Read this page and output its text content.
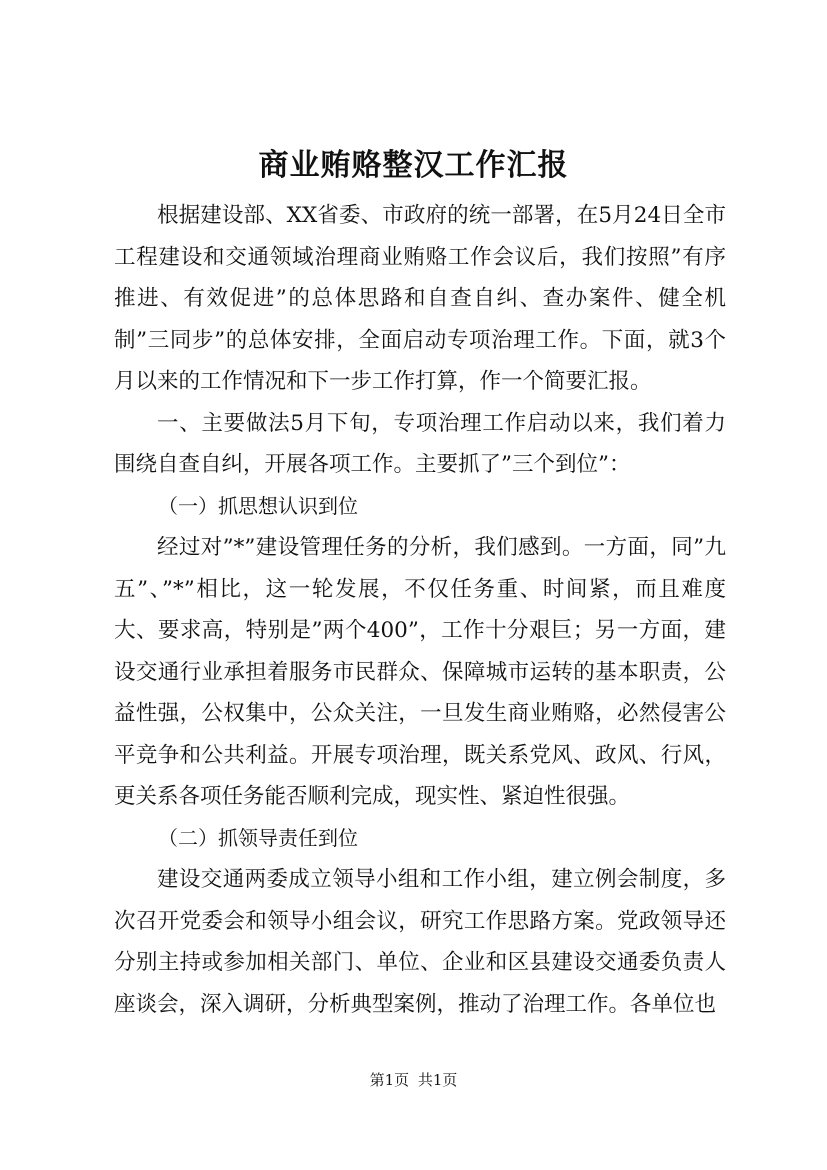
商业贿赂整汉工作汇报

根据建设部、XX省委、市政府的统一部署，在5月24日全市工程建设和交通领域治理商业贿赂工作会议后，我们按照”有序推进、有效促进”的总体思路和自查自纠、查办案件、健全机制”三同步”的总体安排，全面启动专项治理工作。下面，就3个月以来的工作情况和下一步工作打算，作一个简要汇报。

一、主要做法5月下旬，专项治理工作启动以来，我们着力围绕自查自纠，开展各项工作。主要抓了”三个到位”：

（一）抓思想认识到位

经过对”*”建设管理任务的分析，我们感到。一方面，同”九五”、”*”相比，这一轮发展，不仅任务重、时间紧，而且难度大、要求高，特别是”两个400”，工作十分艰巨；另一方面，建设交通行业承担着服务市民群众、保障城市运转的基本职责，公益性强，公权集中，公众关注，一旦发生商业贿赂，必然侵害公平竞争和公共利益。开展专项治理，既关系党风、政风、行风，更关系各项任务能否顺利完成，现实性、紧迫性很强。

（二）抓领导责任到位

建设交通两委成立领导小组和工作小组，建立例会制度，多次召开党委会和领导小组会议，研究工作思路方案。党政领导还分别主持或参加相关部门、单位、企业和区县建设交通委负责人座谈会，深入调研，分析典型案例，推动了治理工作。各单位也

第1页 共1页
